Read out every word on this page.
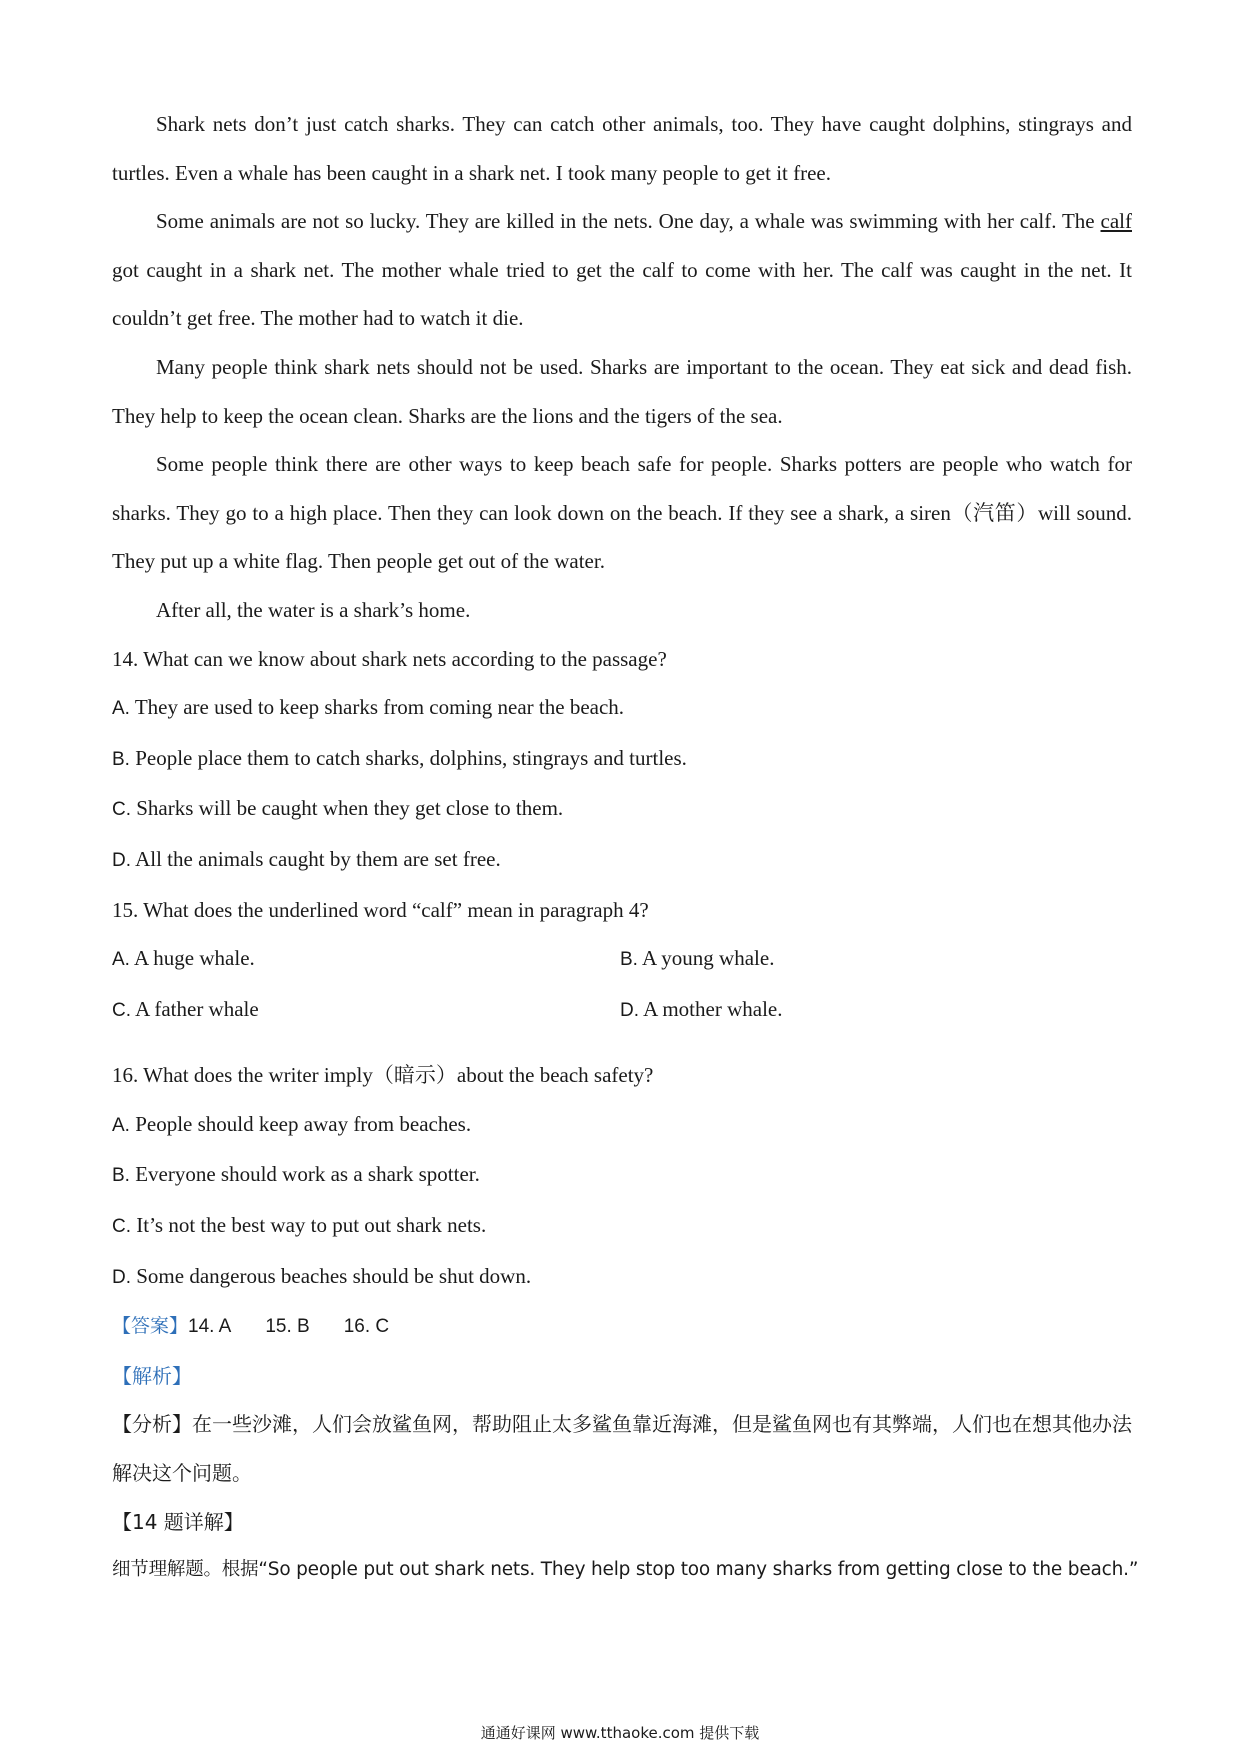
Shark nets don’t just catch sharks. They can catch other animals, too. They have caught dolphins, stingrays and turtles. Even a whale has been caught in a shark net. I took many people to get it free.

Some animals are not so lucky. They are killed in the nets. One day, a whale was swimming with her calf. The calf got caught in a shark net. The mother whale tried to get the calf to come with her. The calf was caught in the net. It couldn’t get free. The mother had to watch it die.

Many people think shark nets should not be used. Sharks are important to the ocean. They eat sick and dead fish. They help to keep the ocean clean. Sharks are the lions and the tigers of the sea.

Some people think there are other ways to keep beach safe for people. Sharks potters are people who watch for sharks. They go to a high place. Then they can look down on the beach. If they see a shark, a siren（汽笛）will sound. They put up a white flag. Then people get out of the water.

After all, the water is a shark’s home.

14. What can we know about shark nets according to the passage?

A. They are used to keep sharks from coming near the beach.

B. People place them to catch sharks, dolphins, stingrays and turtles.

C. Sharks will be caught when they get close to them.

D. All the animals caught by them are set free.

15. What does the underlined word “calf” mean in paragraph 4?

A. A huge whale.	B. A young whale.
C. A father whale	D. A mother whale.

16. What does the writer imply（暗示）about the beach safety?

A. People should keep away from beaches.

B. Everyone should work as a shark spotter.

C. It’s not the best way to put out shark nets.

D. Some dangerous beaches should be shut down.

【答案】14. A 15. B 16. C

【解析】

【分析】在一些沙滩，人们会放鲨鱼网，帮助阻止太多鲨鱼靠近海滩，但是鲨鱼网也有其弊端，人们也在想其他办法解决这个问题。

【14 题详解】

细节理解题。根据“So people put out shark nets. They help stop too many sharks from getting close to the beach.”

通通好课网 www.tthaoke.com 提供下载
